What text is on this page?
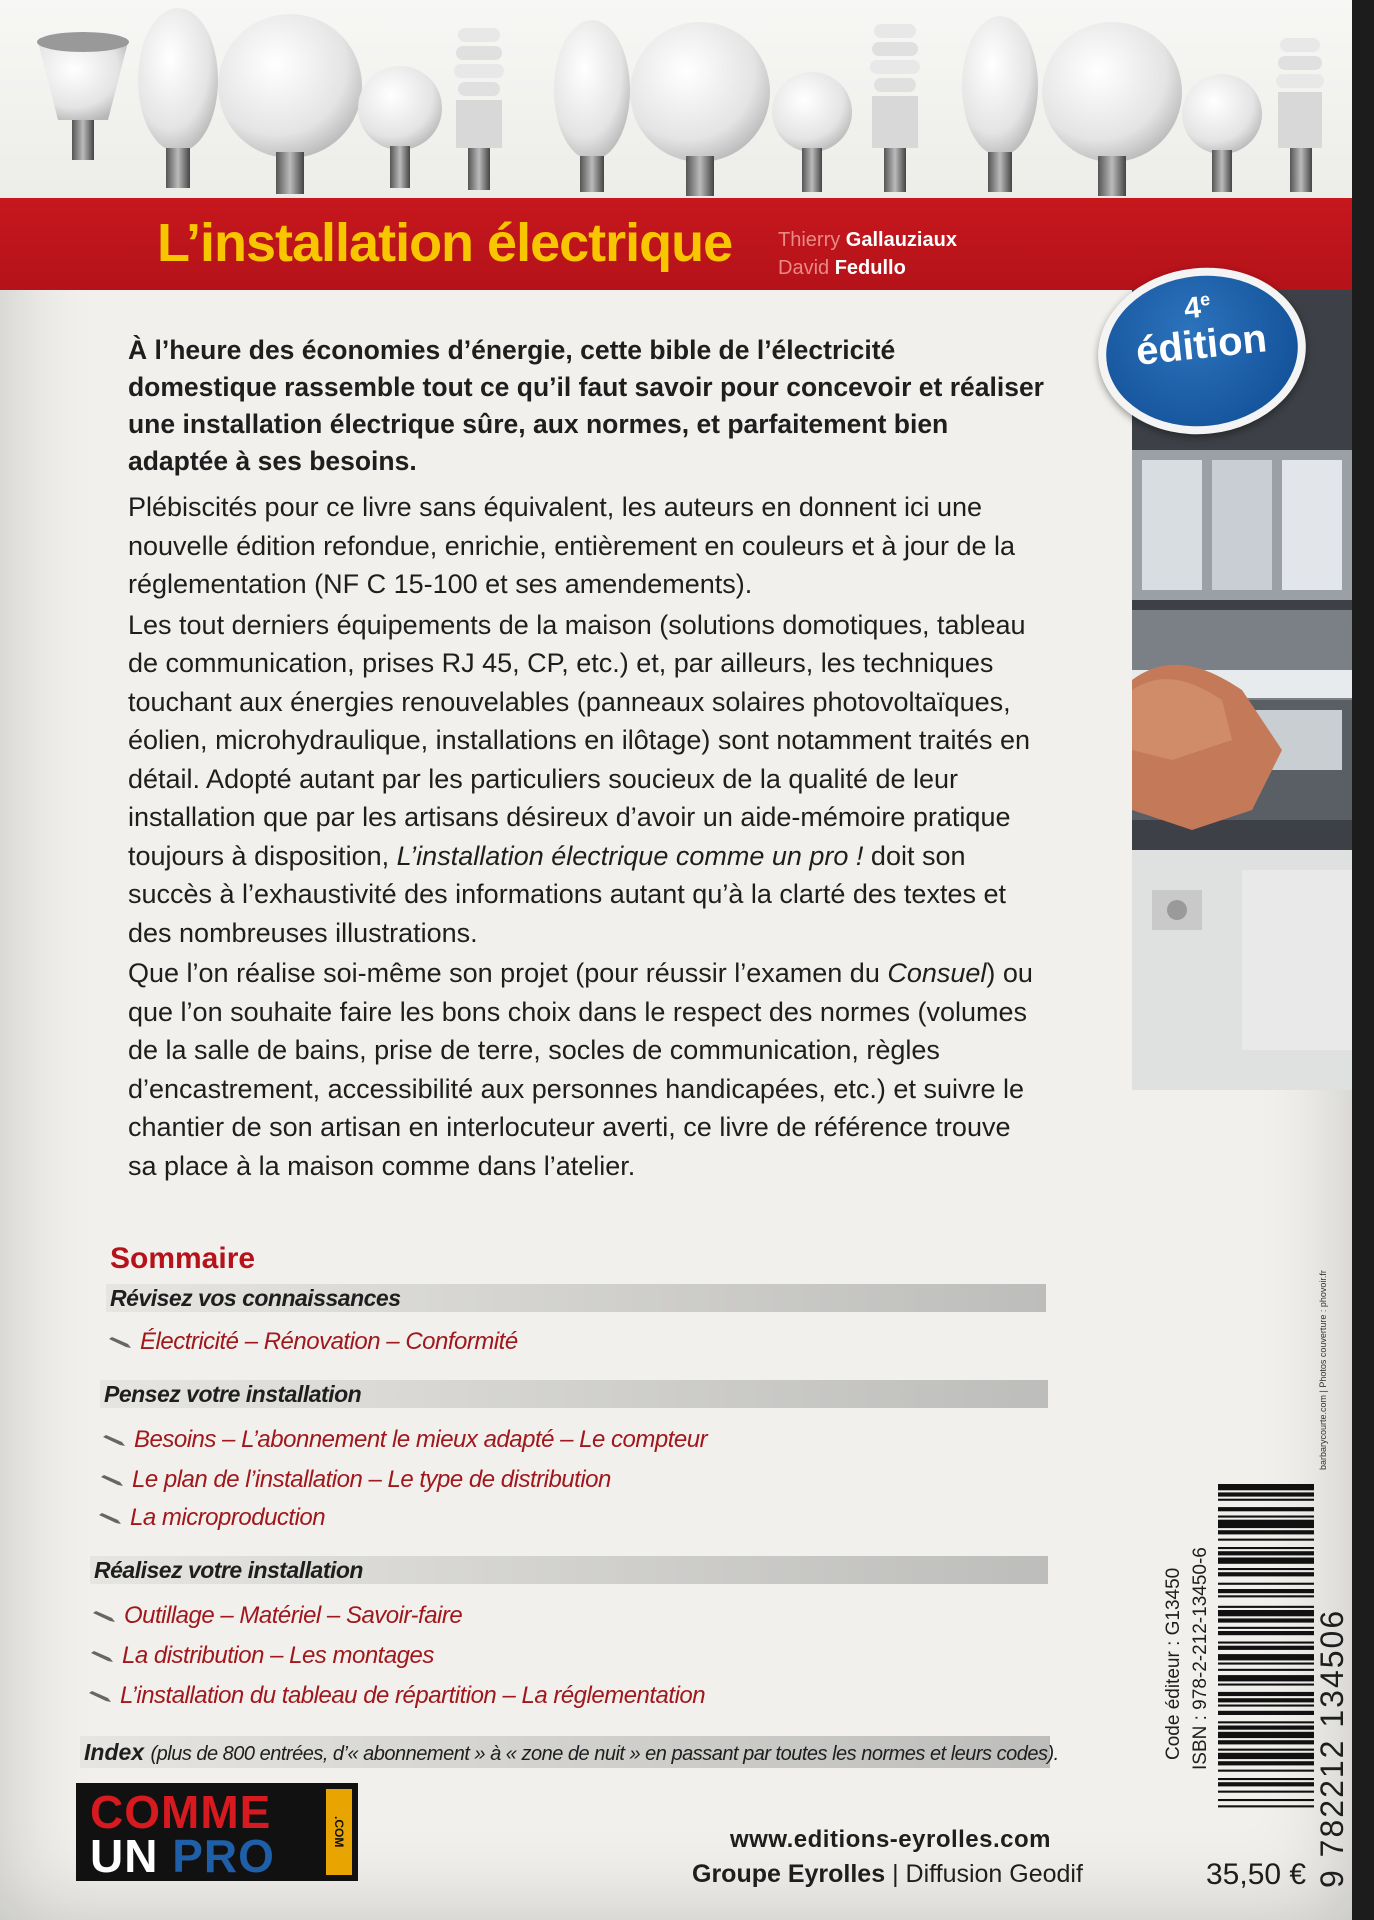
L’installation électrique Thierry Gallauziaux
David Fedullo
4e
édition

À l’heure des économies d’énergie, cette bible de l’électricité domestique rassemble tout ce qu’il faut savoir pour concevoir et réaliser une installation électrique sûre, aux normes, et parfaitement bien adaptée à ses besoins.

Plébiscités pour ce livre sans équivalent, les auteurs en donnent ici une nouvelle édition refondue, enrichie, entièrement en couleurs et à jour de la réglementation (NF C 15-100 et ses amendements).

Les tout derniers équipements de la maison (solutions domotiques, tableau de communication, prises RJ 45, CP, etc.) et, par ailleurs, les techniques touchant aux énergies renouvelables (panneaux solaires photovoltaïques, éolien, microhydraulique, installations en ilôtage) sont notamment traités en détail. Adopté autant par les particuliers soucieux de la qualité de leur installation que par les artisans désireux d’avoir un aide-mémoire pratique toujours à disposition, L’installation électrique comme un pro ! doit son succès à l’exhaustivité des informations autant qu’à la clarté des textes et des nombreuses illustrations.

Que l’on réalise soi-même son projet (pour réussir l’examen du Consuel) ou que l’on souhaite faire les bons choix dans le respect des normes (volumes de la salle de bains, prise de terre, socles de communication, règles d’encastrement, accessibilité aux personnes handicapées, etc.) et suivre le chantier de son artisan en interlocuteur averti, ce livre de référence trouve sa place à la maison comme dans l’atelier.

Sommaire
Révisez vos connaissances
Électricité – Rénovation – Conformité
Pensez votre installation
Besoins – L’abonnement le mieux adapté – Le compteur
Le plan de l’installation – Le type de distribution
La microproduction
Réalisez votre installation
Outillage – Matériel – Savoir-faire
La distribution – Les montages
L’installation du tableau de répartition – La réglementation
Index (plus de 800 entrées, d’« abonnement » à « zone de nuit » en passant par toutes les normes et leurs codes).
COMME
UN PRO	.COM	www.editions-eyrolles.com
Groupe Eyrolles | Diffusion Geodif
barbarycourte.com | Photos couverture : phovoir.fr
Code éditeur : G13450 ISBN : 978-2-212-13450-6	9 782212 134506
35,50 €
